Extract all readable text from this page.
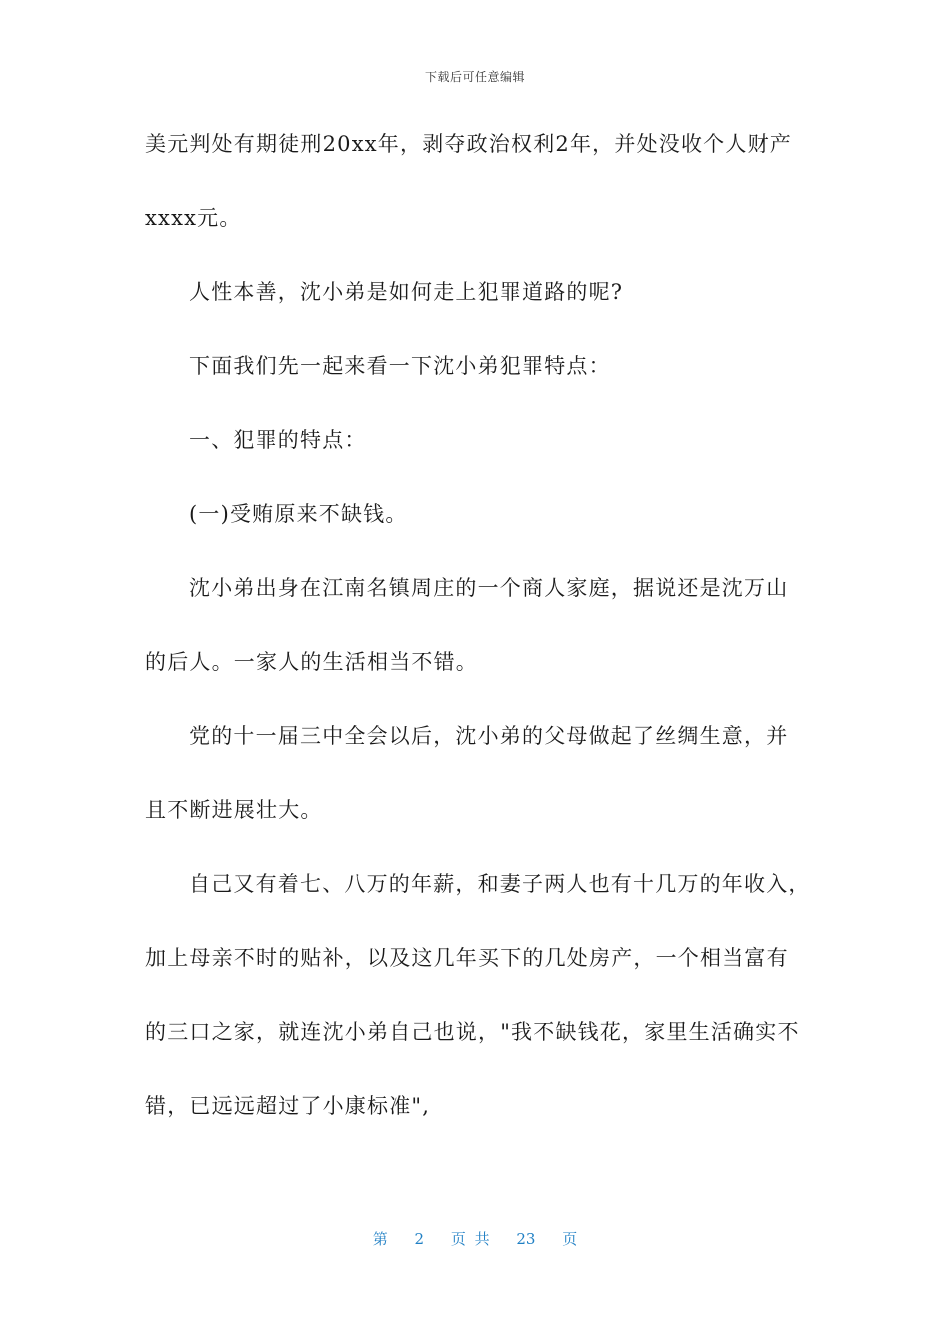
下载后可任意编辑
美元判处有期徒刑20xx年，剥夺政治权利2年，并处没收个人财产
xxxx元。
人性本善，沈小弟是如何走上犯罪道路的呢?
下面我们先一起来看一下沈小弟犯罪特点：
一、犯罪的特点：
(一)受贿原来不缺钱。
沈小弟出身在江南名镇周庄的一个商人家庭，据说还是沈万山
的后人。一家人的生活相当不错。
党的十一届三中全会以后，沈小弟的父母做起了丝绸生意，并
且不断进展壮大。
自己又有着七、八万的年薪，和妻子两人也有十几万的年收入，
加上母亲不时的贴补，以及这几年买下的几处房产，一个相当富有
的三口之家，就连沈小弟自己也说，"我不缺钱花，家里生活确实不
错，已远远超过了小康标准",
第 2 页 共 23 页
